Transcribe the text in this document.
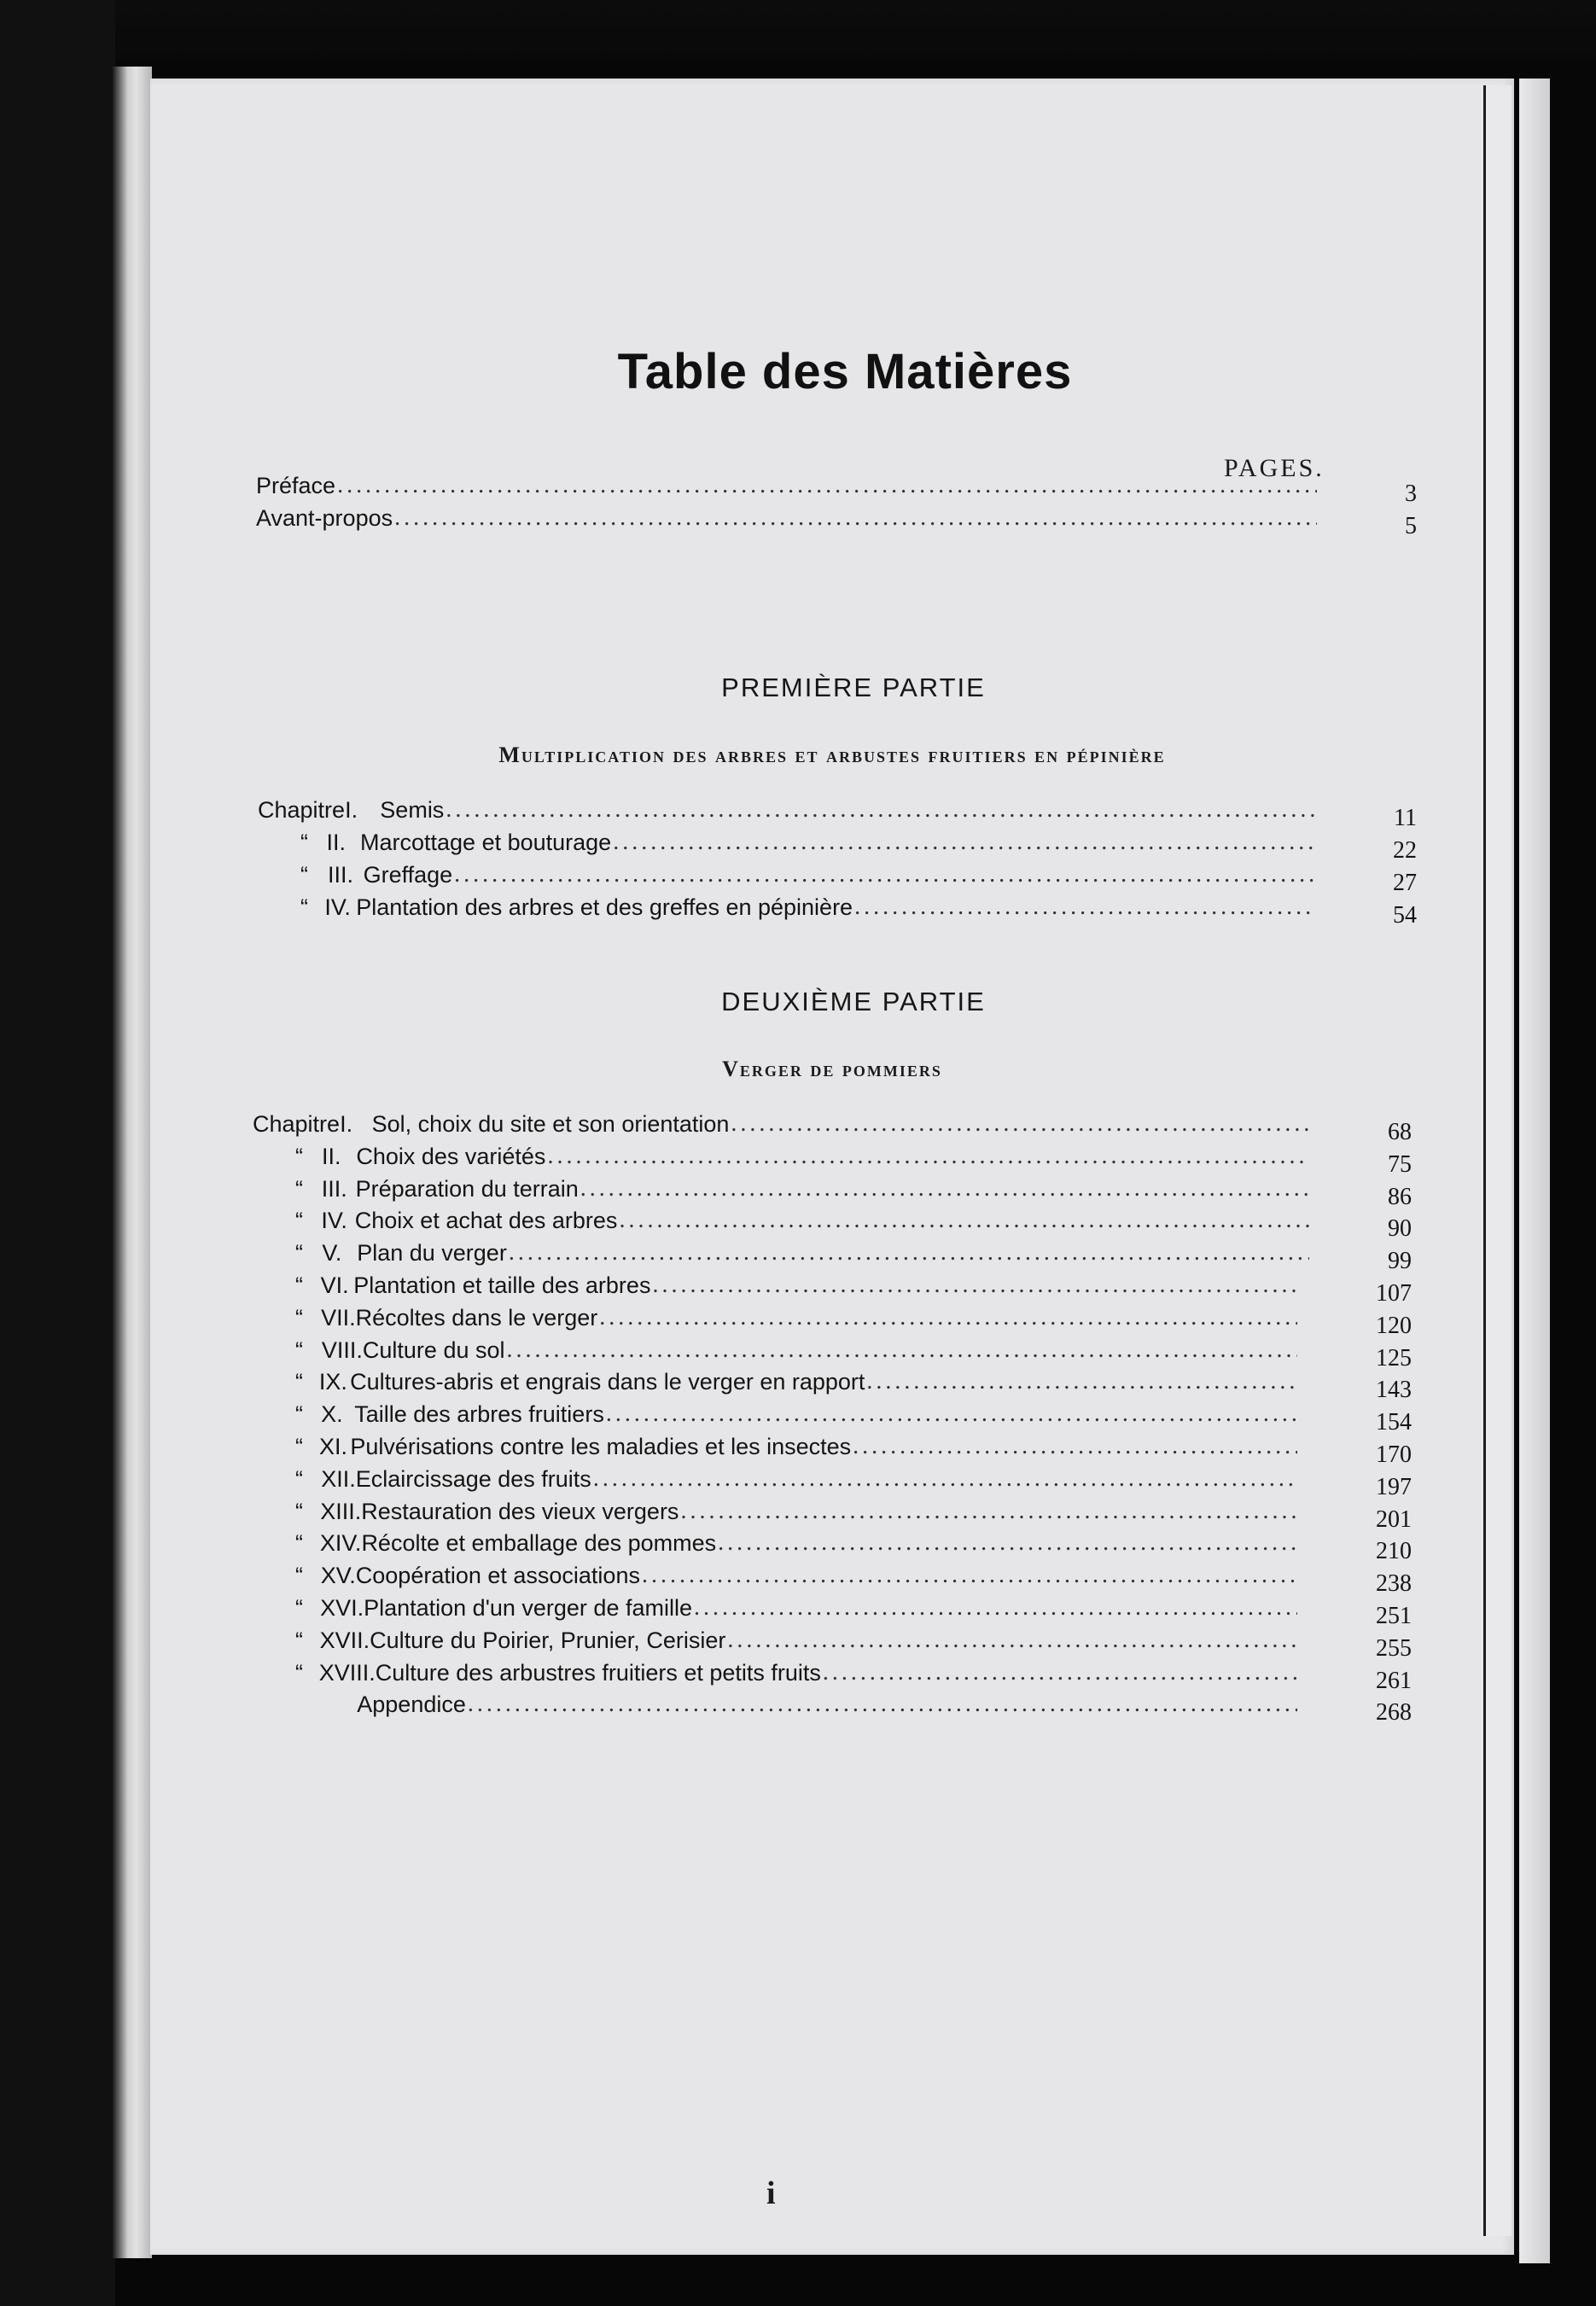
Table des Matières
PAGES.
Préface .....	3
Avant-propos .....	5
PREMIÈRE PARTIE
Multiplication des arbres et arbustes fruitiers en pépinière
Chapitre I. Semis .....	11
“ II. Marcottage et bouturage .....	22
“ III. Greffage .....	27
“ IV. Plantation des arbres et des greffes en pépinière .....	54
DEUXIÈME PARTIE
Verger de pommiers
Chapitre I. Sol, choix du site et son orientation .....	68
“ II. Choix des variétés .....	75
“ III. Préparation du terrain .....	86
“ IV. Choix et achat des arbres .....	90
“ V. Plan du verger .....	99
“ VI. Plantation et taille des arbres .....	107
“ VII. Récoltes dans le verger .....	120
“ VIII. Culture du sol .....	125
“ IX. Cultures-abris et engrais dans le verger en rapport .....	143
“ X. Taille des arbres fruitiers .....	154
“ XI. Pulvérisations contre les maladies et les insectes .....	170
“ XII. Eclaircissage des fruits .....	197
“ XIII. Restauration des vieux vergers .....	201
“ XIV. Récolte et emballage des pommes .....	210
“ XV. Coopération et associations .....	238
“ XVI. Plantation d'un verger de famille .....	251
“ XVII. Culture du Poirier, Prunier, Cerisier .....	255
“ XVIII. Culture des arbustres fruitiers et petits fruits .....	261
Appendice .....	268
i
